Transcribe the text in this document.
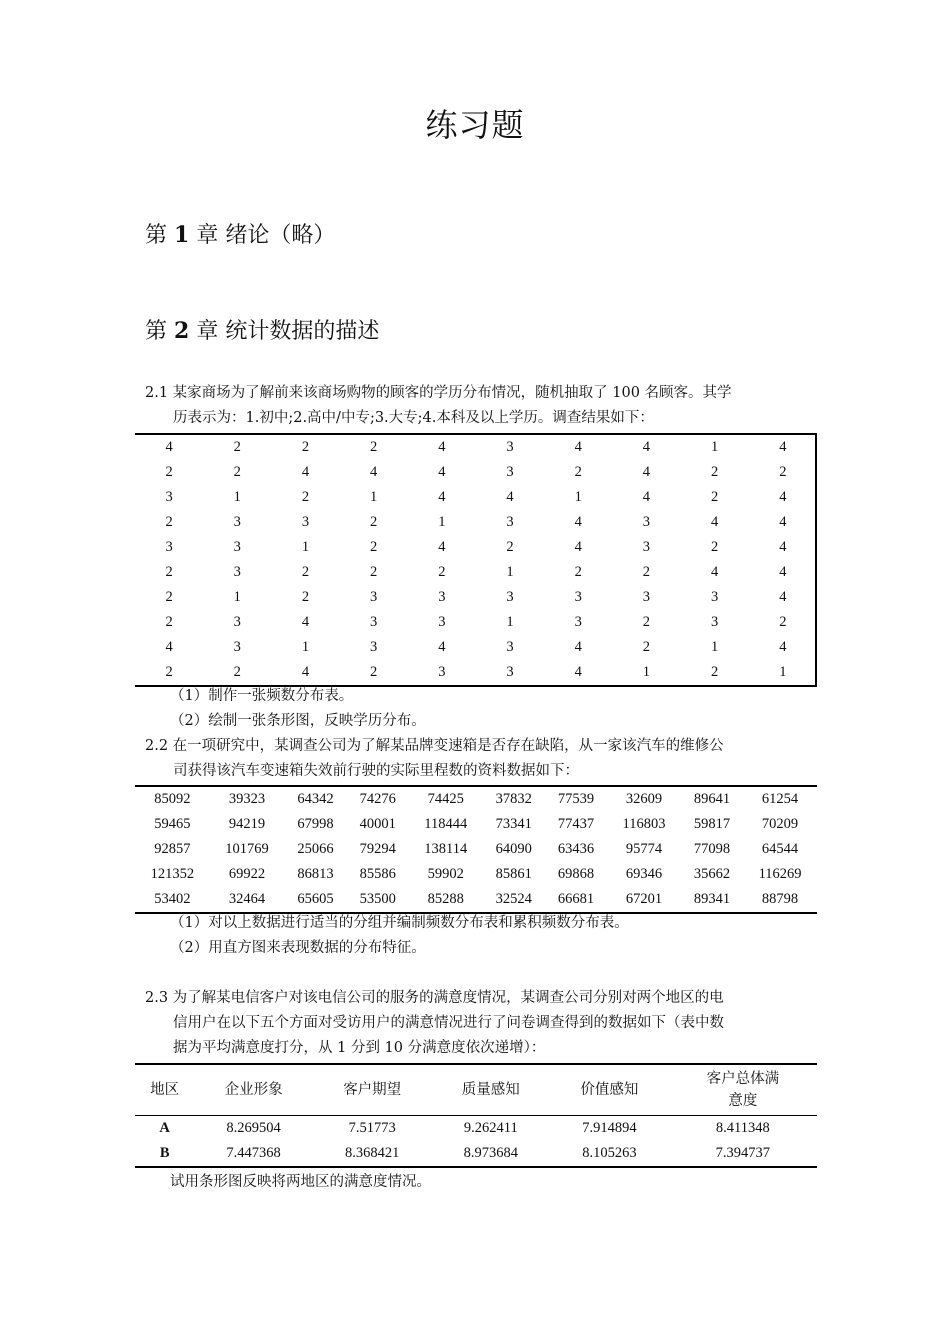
练习题
第 1 章 绪论（略）
第 2 章 统计数据的描述
2.1 某家商场为了解前来该商场购物的顾客的学历分布情况，随机抽取了 100 名顾客。其学
历表示为：1.初中;2.高中/中专;3.大专;4.本科及以上学历。调查结果如下：
4	2	2	2	4	3	4	4	1	4
2	2	4	4	4	3	2	4	2	2
3	1	2	1	4	4	1	4	2	4
2	3	3	2	1	3	4	3	4	4
3	3	1	2	4	2	4	3	2	4
2	3	2	2	2	1	2	2	4	4
2	1	2	3	3	3	3	3	3	4
2	3	4	3	3	1	3	2	3	2
4	3	1	3	4	3	4	2	1	4
2	2	4	2	3	3	4	1	2	1
（1）制作一张频数分布表。
（2）绘制一张条形图，反映学历分布。
2.2 在一项研究中，某调查公司为了解某品牌变速箱是否存在缺陷，从一家该汽车的维修公
司获得该汽车变速箱失效前行驶的实际里程数的资料数据如下：
85092	39323	64342	74276	74425	37832	77539	32609	89641	61254
59465	94219	67998	40001	118444	73341	77437	116803	59817	70209
92857	101769	25066	79294	138114	64090	63436	95774	77098	64544
121352	69922	86813	85586	59902	85861	69868	69346	35662	116269
53402	32464	65605	53500	85288	32524	66681	67201	89341	88798
（1）对以上数据进行适当的分组并编制频数分布表和累积频数分布表。
（2）用直方图来表现数据的分布特征。
2.3 为了解某电信客户对该电信公司的服务的满意度情况，某调查公司分别对两个地区的电
信用户在以下五个方面对受访用户的满意情况进行了问卷调查得到的数据如下（表中数
据为平均满意度打分，从 1 分到 10 分满意度依次递增）：
地区	企业形象	客户期望	质量感知	价值感知	客户总体满
意度
A	8.269504	7.51773	9.262411	7.914894	8.411348
B	7.447368	8.368421	8.973684	8.105263	7.394737
试用条形图反映将两地区的满意度情况。
